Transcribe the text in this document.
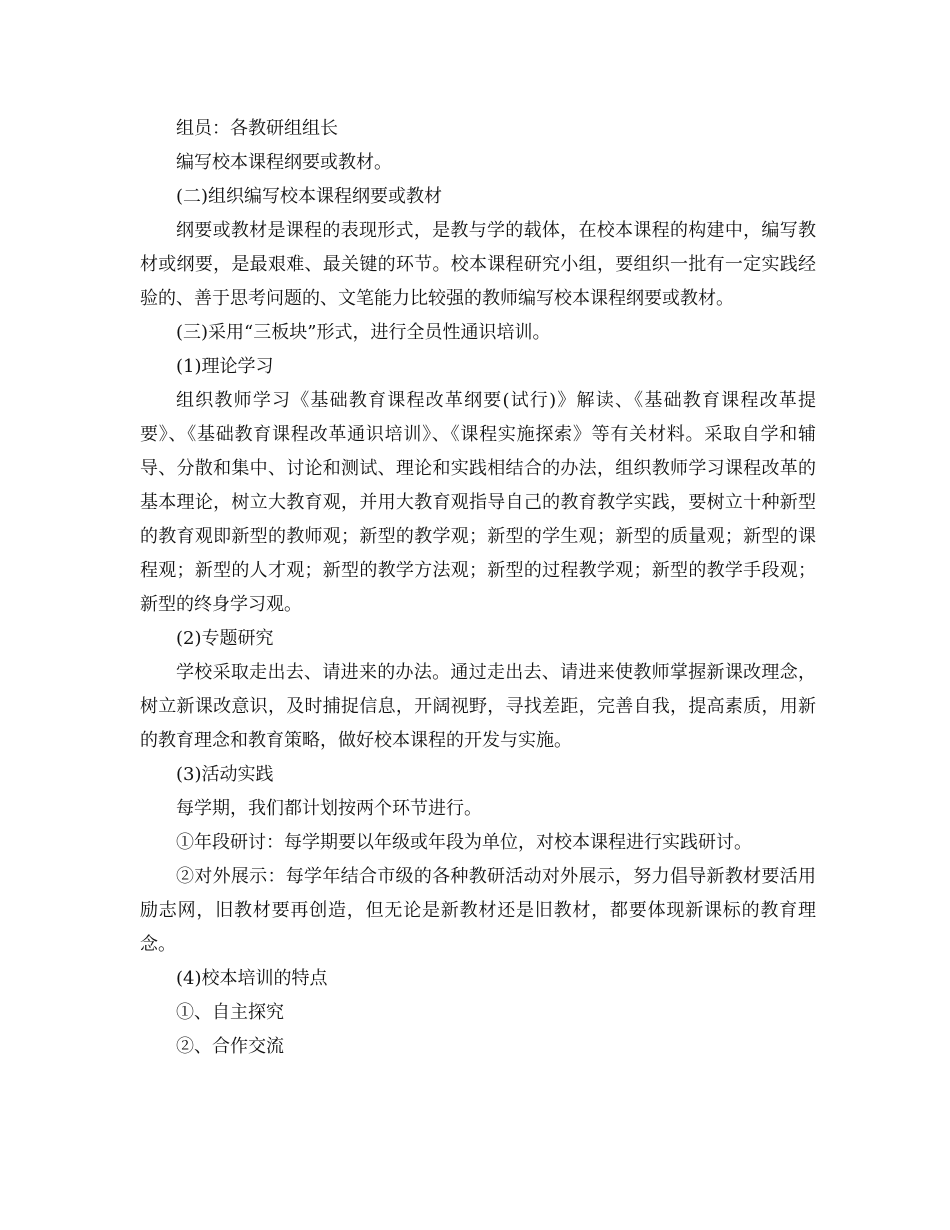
组员：各教研组组长

编写校本课程纲要或教材。

(二)组织编写校本课程纲要或教材

纲要或教材是课程的表现形式，是教与学的载体，在校本课程的构建中，编写教材或纲要，是最艰难、最关键的环节。校本课程研究小组，要组织一批有一定实践经验的、善于思考问题的、文笔能力比较强的教师编写校本课程纲要或教材。

(三)采用“三板块”形式，进行全员性通识培训。

(1)理论学习

组织教师学习《基础教育课程改革纲要(试行)》解读、《基础教育课程改革提要》、《基础教育课程改革通识培训》、《课程实施探索》等有关材料。采取自学和辅导、分散和集中、讨论和测试、理论和实践相结合的办法，组织教师学习课程改革的基本理论，树立大教育观，并用大教育观指导自己的教育教学实践，要树立十种新型的教育观即新型的教师观；新型的教学观；新型的学生观；新型的质量观；新型的课程观；新型的人才观；新型的教学方法观；新型的过程教学观；新型的教学手段观；新型的终身学习观。

(2)专题研究

学校采取走出去、请进来的办法。通过走出去、请进来使教师掌握新课改理念，树立新课改意识，及时捕捉信息，开阔视野，寻找差距，完善自我，提高素质，用新的教育理念和教育策略，做好校本课程的开发与实施。

(3)活动实践

每学期，我们都计划按两个环节进行。

①年段研讨：每学期要以年级或年段为单位，对校本课程进行实践研讨。

②对外展示：每学年结合市级的各种教研活动对外展示，努力倡导新教材要活用励志网，旧教材要再创造，但无论是新教材还是旧教材，都要体现新课标的教育理念。

(4)校本培训的特点

①、自主探究

②、合作交流
